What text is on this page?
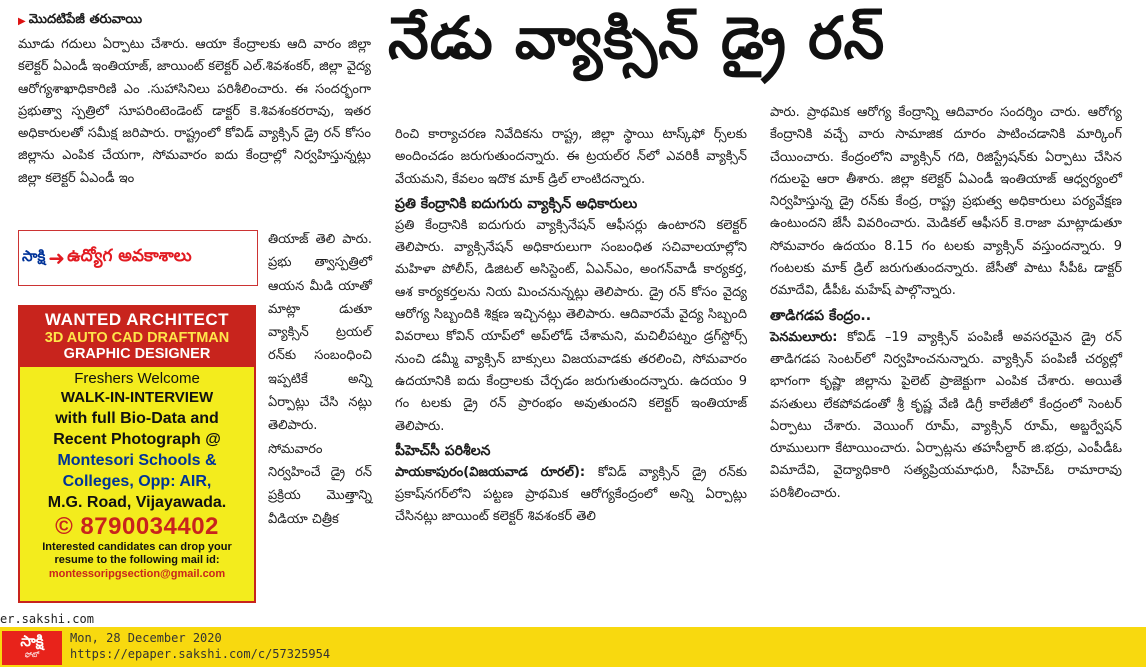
▶ మొదటిపేజీ తరువాయి	నేడు వ్యాక్సిన్‌ డ్రై రన్‌
మూడు గదులు ఏర్పాటు చేశారు. ఆయా కేంద్రాలకు ఆది వారం జిల్లా కలెక్టర్‌ ఏఎండీ ఇంతియాజ్‌, జాయింట్‌ కలెక్టర్‌ ఎల్‌.శివశంకర్‌, జిల్లా వైద్య ఆరోగ్యశాఖాధికారిణి ఎం .సుహాసినిలు పరిశీలించారు. ఈ సందర్భంగా ప్రభుత్వా స్పత్రిలో సూపరింటెండెంట్‌ డాక్టర్‌ కె.శివశంకరరావు, ఇతర అధికారులతో సమీక్ష జరిపారు. రాష్ట్రంలో కోవిడ్‌ వ్యాక్సిన్‌ డ్రై రన్‌ కోసం జిల్లాను ఎంపిక చేయగా, సోమవారం ఐదు కేంద్రాల్లో నిర్వహిస్తున్నట్లు జిల్లా కలెక్టర్‌ ఏఎండీ ఇం
సాక్షి ➜ ఉద్యోగ అవకాశాలు
WANTED ARCHITECT
3D AUTO CAD DRAFTMAN
GRAPHIC DESIGNER
Freshers Welcome
WALK-IN-INTERVIEW
with full Bio-Data and
Recent Photograph @
Montesori Schools &
Colleges, Opp: AIR,
M.G. Road, Vijayawada.
© 8790034402
Interested candidates can drop your
resume to the following mail id:
montessoripgsection@gmail.com
తియాజ్‌ తెలి పారు. ప్రభు త్వాస్పత్రిలో ఆయన మీడి యాతో మాట్లా డుతూ వ్యాక్సిన్‌ ట్రయల్‌ రన్‌కు సంబంధించి ఇప్పటికే అన్ని ఏర్పాట్లు చేసి నట్లు తెలిపారు. సోమవారం నిర్వహించే డ్రై రన్‌ ప్రక్రియ మొత్తాన్ని వీడియా చిత్రీక
రించి కార్యాచరణ నివేదికను రాష్ట్ర, జిల్లా స్థాయి టాస్క్‌ఫో ర్స్‌లకు అందించడం జరుగుతుందన్నారు. ఈ ట్రయల్‌ర న్‌లో ఎవరికీ వ్యాక్సిన్‌ వేయమని, కేవలం ఇదొక మాక్‌ డ్రిల్‌ లాంటిదన్నారు.
ప్రతి కేంద్రానికి ఐదుగురు వ్యాక్సిన్‌ అధికారులు
ప్రతి కేంద్రానికి ఐదుగురు వ్యాక్సినేషన్‌ ఆఫీసర్లు ఉంటారని కలెక్టర్‌ తెలిపారు. వ్యాక్సినేషన్‌ అధికారులుగా సంబంధిత సచివాలయాల్లోని మహిళా పోలీస్‌, డిజిటల్‌ అసిస్టెంట్‌, ఏఎన్‌ఎం, అంగన్‌వాడీ కార్యకర్త, ఆశ కార్యకర్తలను నియ మించనున్నట్లు తెలిపారు. డ్రై రన్‌ కోసం వైద్య ఆరోగ్య సిబ్బందికి శిక్షణ ఇచ్చినట్లు తెలిపారు. ఆదివారమే వైద్య సిబ్బంది వివరాలు కోవిన్‌ యాప్‌లో అప్‌లోడ్‌ చేశామని, మచిలీపట్నం డ్రగ్‌స్టోర్స్‌ నుంచి డమ్మీ వ్యాక్సిన్‌ బాక్సులు విజయవాడకు తరలించి, సోమవారం ఉదయానికి ఐదు కేంద్రాలకు చేర్చడం జరుగుతుందన్నారు. ఉదయం 9 గం టలకు డ్రై రన్‌ ప్రారంభం అవుతుందని కలెక్టర్‌ ఇంతియాజ్‌ తెలిపారు.
పీహెచ్‌సీ పరిశీలన
పాయకాపురం(విజయవాడ రూరల్‌): కోవిడ్‌ వ్యాక్సిన్‌ డ్రై రన్‌కు ప్రకాష్‌నగర్‌లోని పట్టణ ప్రాథమిక ఆరోగ్యకేంద్రంలో అన్ని ఏర్పాట్లు చేసినట్లు జాయింట్‌ కలెక్టర్‌ శివశంకర్‌ తెలి
పారు. ప్రాథమిక ఆరోగ్య కేంద్రాన్ని ఆదివారం సందర్శిం చారు. ఆరోగ్య కేంద్రానికి వచ్చే వారు సామాజిక దూరం పాటించడానికి మార్కింగ్‌ చేయించారు. కేంద్రంలోని వ్యాక్సిన్‌ గది, రిజిస్ట్రేషన్‌కు ఏర్పాటు చేసిన గదులపై ఆరా తీశారు. జిల్లా కలెక్టర్‌ ఏఎండీ ఇంతియాజ్‌ ఆధ్వర్యంలో నిర్వహిస్తున్న డ్రై రన్‌కు కేంద్ర, రాష్ట్ర ప్రభుత్వ అధికారులు పర్యవేక్షణ ఉంటుందని జేసీ వివరించారు. మెడికల్‌ ఆఫీసర్‌ కె.రాజా మాట్లాడుతూ సోమవారం ఉదయం 8.15 గం టలకు వ్యాక్సిన్‌ వస్తుందన్నారు. 9 గంటలకు మాక్‌ డ్రిల్‌ జరుగుతుందన్నారు. జేసీతో పాటు సీపీఓ డాక్టర్‌ రమాదేవి, డీపీఓ మహేష్‌ పాల్గొన్నారు.
తాడిగడప కేంద్రం..
పెనమలూరు: కోవిడ్‌ –19 వ్యాక్సిన్‌ పంపిణీ అవసరమైన డ్రై రన్‌ తాడిగడప సెంటర్‌లో నిర్వహించనున్నారు. వ్యాక్సిన్‌ పంపిణీ చర్యల్లో భాగంగా కృష్ణా జిల్లాను పైలెట్‌ ప్రాజెక్టుగా ఎంపిక చేశారు. అయితే వసతులు లేకపోవడంతో శ్రీ కృష్ణ వేణి డిగ్రీ కాలేజీలో కేంద్రంలో సెంటర్‌ ఏర్పాటు చేశారు. వెయింగ్‌ రూమ్‌, వ్యాక్సిన్‌ రూమ్‌, అబ్జర్వేషన్‌ రూములుగా కేటాయించారు. ఏర్పాట్లను తహసీల్దార్‌ జి.భద్రు, ఎంపీడీఓ విమాదేవి, వైద్యాధికారి సత్యప్రియమాధురి, సీహెచ్‌ఓ రామారావు పరిశీలించారు.
er.sakshi.com
సాక్షి
ఫోటో
Mon, 28 December 2020
https://epaper.sakshi.com/c/57325954
